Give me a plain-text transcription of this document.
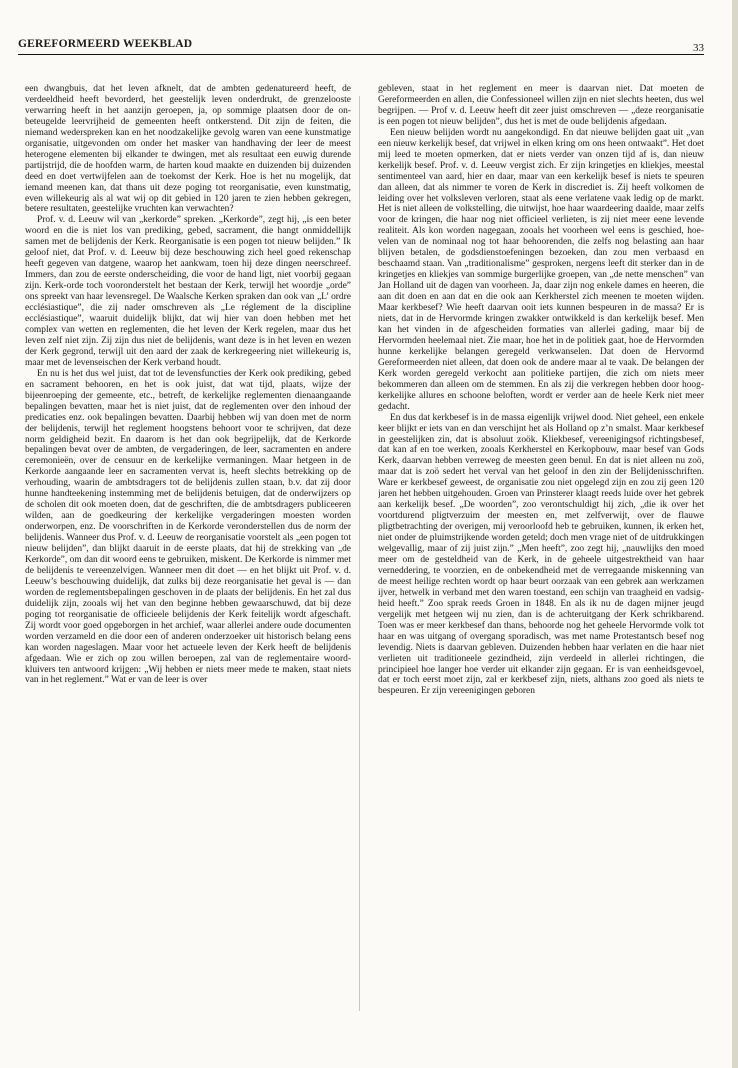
GEREFORMEERD WEEKBLAD	33

een dwangbuis, dat het leven afknelt, dat de ambten gedenatureerd heeft, de verdeeldheid heeft bevorderd, het geestelijk leven onderdrukt, de grenzelooste verwarring heeft in het aanzijn geroepen, ja, op sommige plaatsen door de onbeteugelde leervrijheid de gemeenten heeft ontkerstend. Dit zijn de feiten, die niemand wederspreken kan en het noodzakelijke gevolg waren van eene kunstmatige organisatie, uitgevonden om onder het masker van handhaving der leer de meest heterogene elementen bij elkander te dwingen, met als resultaat een euwig durende partijstrijd, die de hoofden warm, de harten koud maakte en duizenden bij duizenden deed en doet vertwijfelen aan de toekomst der Kerk. Hoe is het nu mogelijk, dat iemand meenen kan, dat thans uit deze poging tot reorganisatie, even kunstmatig, even willekeurig als al wat wij op dit gebied in 120 jaren te zien hebben gekregen, betere resultaten, geestelijke vruchten kan verwachten?

Prof. v. d. Leeuw wil van „kerkorde” spreken. „Kerkorde”, zegt hij, „is een beter woord en die is niet los van prediking, gebed, sacrament, die hangt onmiddellijk samen met de belijdenis der Kerk. Reorganisatie is een pogen tot nieuw belijden.” Ik geloof niet, dat Prof. v. d. Leeuw bij deze beschouwing zich heel goed rekenschap heeft gegeven van datgene, waarop het aankwam, toen hij deze dingen neerschreef. Immers, dan zou de eerste onderscheiding, die voor de hand ligt, niet voorbij gegaan zijn. Kerk-orde toch vooronderstelt het bestaan der Kerk, terwijl het woordje „orde” ons spreekt van haar levensregel. De Waalsche Kerken spraken dan ook van „L’ ordre ecclésiastique”, die zij nader omschreven als „Le réglement de la discipline ecclésiastique”, waaruit duidelijk blijkt, dat wij hier van doen hebben met het complex van wetten en reglementen, die het leven der Kerk regelen, maar dus het leven zelf niet zijn. Zij zijn dus niet de belijdenis, want deze is in het leven en wezen der Kerk gegrond, terwijl uit den aard der zaak de kerkregeering niet willekeurig is, maar met de levenseischen der Kerk verband houdt.

En nu is het dus wel juist, dat tot de levensfuncties der Kerk ook prediking, gebed en sacrament behooren, en het is ook juist, dat wat tijd, plaats, wijze der bijeenroeping der gemeente, etc., betreft, de kerkelijke reglementen dienaangaande bepalingen bevatten, maar het is niet juist, dat de reglementen over den inhoud der predicaties enz. ook bepalingen bevatten. Daarbij hebben wij van doen met de norm der belijdenis, terwijl het reglement hoogstens behoort voor te schrijven, dat deze norm geldigheid bezit. En daarom is het dan ook begrijpelijk, dat de Kerkorde bepalingen bevat over de ambten, de vergaderingen, de leer, sacramenten en andere ceremonieën, over de censuur en de kerkelijke vermaningen. Maar hetgeen in de Kerkorde aangaande leer en sacramenten vervat is, heeft slechts betrekking op de verhouding, waarin de ambtsdragers tot de belijdenis zullen staan, b.v. dat zij door hunne handteekening instemming met de belijdenis betuigen, dat de onderwijzers op de scholen dit ook moeten doen, dat de geschriften, die de ambtsdragers publiceeren wilden, aan de goedkeuring der kerkelijke vergaderingen moesten worden onderworpen, enz. De voorschriften in de Kerkorde veronderstellen dus de norm der belijdenis. Wanneer dus Prof. v. d. Leeuw de reorganisatie voorstelt als „een pogen tot nieuw belijden”, dan blijkt daaruit in de eerste plaats, dat hij de strekking van „de Kerkorde”, om dan dit woord eens te gebruiken, miskent. De Kerkorde is nimmer met de belijdenis te vereenzelvigen. Wanneer men dit doet — en het blijkt uit Prof. v. d. Leeuw’s beschouwing duidelijk, dat zulks bij deze reorganisatie het geval is — dan worden de reglementsbepalingen geschoven in de plaats der belijdenis. En het zal dus duidelijk zijn, zooals wij het van den beginne hebben gewaarschuwd, dat bij deze poging tot reorganisatie de officieele belijdenis der Kerk feitelijk wordt afgeschaft. Zij wordt voor goed opgeborgen in het archief, waar allerlei andere oude documenten worden verzameld en die door een of anderen onderzoeker uit historisch belang eens kan worden nageslagen. Maar voor het actueele leven der Kerk heeft de belijdenis afgedaan. Wie er zich op zou willen beroepen, zal van de reglementaire woord-kluivers ten antwoord krijgen: „Wij hebben er niets meer mede te maken, staat niets van in het reglement.” Wat er van de leer is over

gebleven, staat in het reglement en meer is daarvan niet. Dat moeten de Gereformeerden en allen, die Confessioneel willen zijn en niet slechts heeten, dus wel begrijpen. — Prof v. d. Leeuw heeft dit zeer juist omschreven — „deze reorganisatie is een pogen tot nieuw belijden”, dus het is met de oude belijdenis afgedaan.

Een nieuw belijden wordt nu aangekondigd. En dat nieuwe belijden gaat uit „van een nieuw kerkelijk besef, dat vrijwel in elken kring om ons heen ontwaakt”. Het doet mij leed te moeten opmerken, dat er niets verder van onzen tijd af is, dan nieuw kerkelijk besef. Prof. v. d. Leeuw vergist zich. Er zijn kringetjes en kliekjes, meestal sentimenteel van aard, hier en daar, maar van een kerkelijk besef is niets te speuren dan alleen, dat als nimmer te voren de Kerk in discrediet is. Zij heeft volkomen de leiding over het volksleven verloren, staat als eene verlatene vaak ledig op de markt. Het is niet alleen de volkstelling, die uitwijst, hoe haar waardeering daalde, maar zelfs voor de kringen, die haar nog niet officieel verlieten, is zij niet meer eene levende realiteit. Als kon worden nagegaan, zooals het voorheen wel eens is geschied, hoevelen van de nominaal nog tot haar behoorenden, die zelfs nog belasting aan haar blijven betalen, de godsdienstoefeningen bezoeken, dan zou men verbaasd en beschaamd staan. Van „traditionalisme” gesproken, nergens leeft dit sterker dan in de kringetjes en kliekjes van sommige burgerlijke groepen, van „de nette menschen” van Jan Holland uit de dagen van voorheen. Ja, daar zijn nog enkele dames en heeren, die aan dit doen en aan dat en die ook aan Kerkherstel zich meenen te moeten wijden. Maar kerkbesef? Wie heeft daarvan ooit iets kunnen bespeuren in de massa? Er is niets, dat in de Hervormde kringen zwakker ontwikkeld is dan kerkelijk besef. Men kan het vinden in de afgescheiden formaties van allerlei gading, maar bij de Hervormden heelemaal niet. Zie maar, hoe het in de politiek gaat, hoe de Hervormden hunne kerkelijke belangen geregeld verkwanselen. Dat doen de Hervormd Gereformeerden niet alleen, dat doen ook de andere maar al te vaak. De belangen der Kerk worden geregeld verkocht aan politieke partijen, die zich om niets meer bekommeren dan alleen om de stemmen. En als zij die verkregen hebben door hoog-kerkelijke allures en schoone beloften, wordt er verder aan de heele Kerk niet meer gedacht.

En dus dat kerkbesef is in de massa eigenlijk vrijwel dood. Niet geheel, een enkele keer blijkt er iets van en dan verschijnt het als Holland op z’n smalst. Maar kerkbesef in geestelijken zin, dat is absoluut zoök. Kliekbesef, vereenigingsof richtingsbesef, dat kan af en toe werken, zooals Kerkherstel en Kerkopbouw, maar besef van Gods Kerk, daarvan hebben verreweg de meesten geen benul. En dat is niet alleen nu zoö, maar dat is zoö sedert het verval van het geloof in den zin der Belijdenisschriften. Ware er kerkbesef geweest, de organisatie zou niet opgelegd zijn en zou zij geen 120 jaren het hebben uitgehouden. Groen van Prinsterer klaagt reeds luide over het gebrek aan kerkelijk besef. „De woorden”, zoo verontschuldigt hij zich, „die ik over het voortdurend pligtverzuim der meesten en, met zelfverwijt, over de flauwe pligtbetrachting der overigen, mij veroorloofd heb te gebruiken, kunnen, ik erken het, niet onder de pluimstrijkende worden geteld; doch men vrage niet of de uitdrukkingen welgevallig, maar of zij juist zijn.” „Men heeft”, zoo zegt hij, „nauwlijks den moed meer om de gesteldheid van de Kerk, in de geheele uitgestrektheid van haar verneddering, te voorzien, en de onbekendheid met de verregaande miskenning van de meest heilige rechten wordt op haar beurt oorzaak van een gebrek aan werkzamen ijver, hetwelk in verband met den waren toestand, een schijn van traagheid en vadsigheid heeft.” Zoo sprak reeds Groen in 1848. En als ik nu de dagen mijner jeugd vergelijk met hetgeen wij nu zien, dan is de achteruitgang der Kerk schrikbarend. Toen was er meer kerkbesef dan thans, behoorde nog het geheele Hervormde volk tot haar en was uitgang of overgang sporadisch, was met name Protestantsch besef nog levendig. Niets is daarvan gebleven. Duizenden hebben haar verlaten en die haar niet verlieten uit traditioneele gezindheid, zijn verdeeld in allerlei richtingen, die principieel hoe langer hoe verder uit elkander zijn gegaan. Er is van eenheidsgevoel, dat er toch eerst moet zijn, zal er kerkbesef zijn, niets, althans zoo goed als niets te bespeuren. Er zijn vereenigingen geboren
